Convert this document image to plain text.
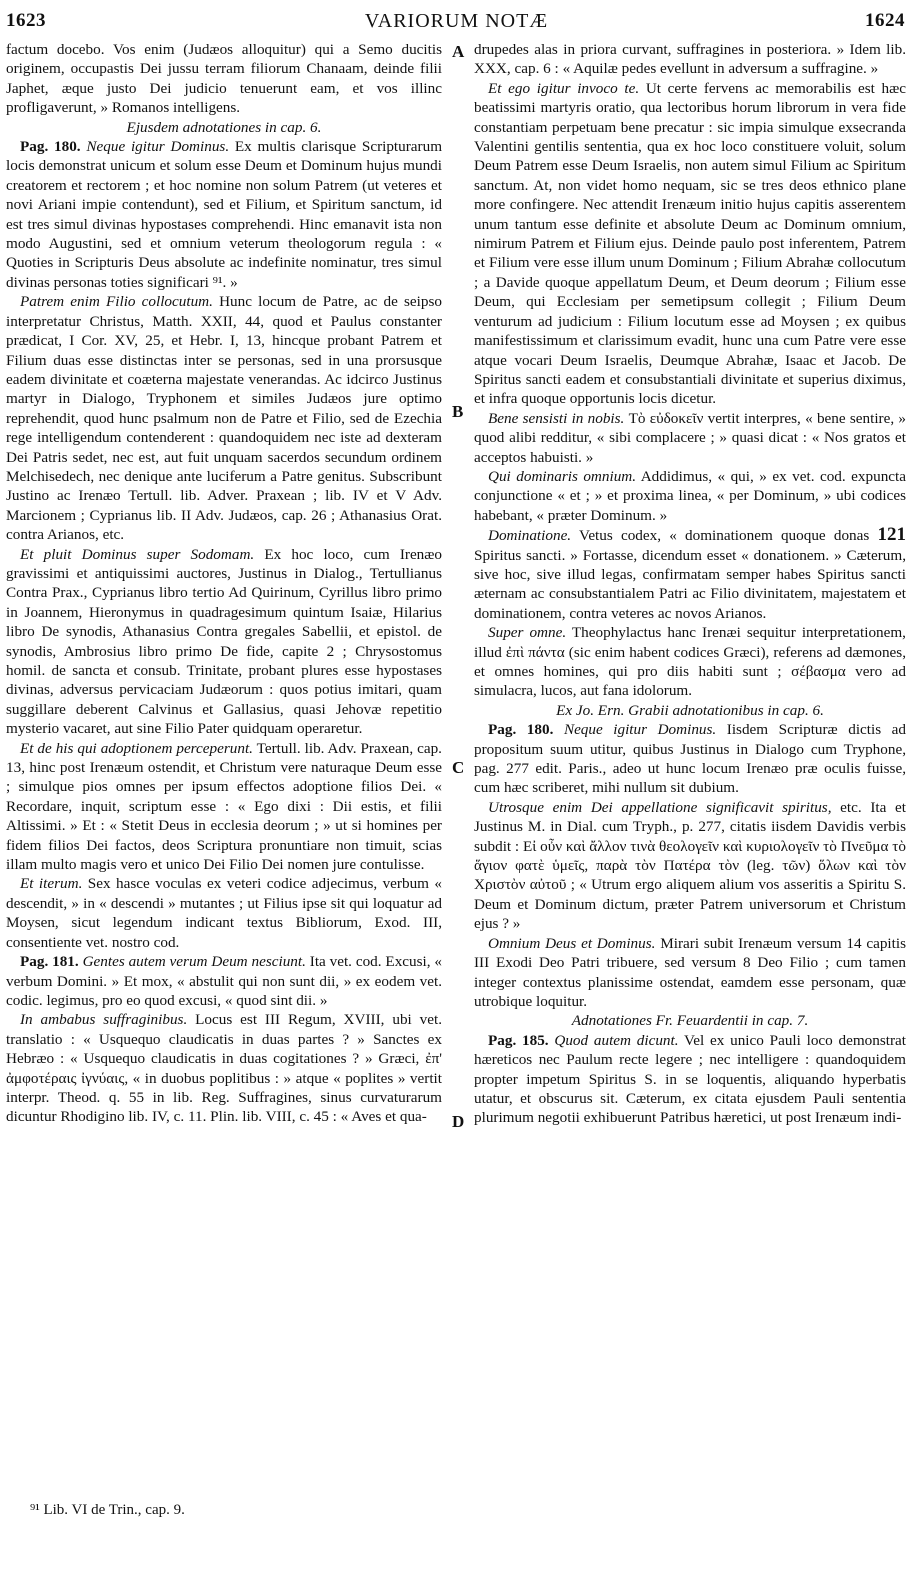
1623	VARIORUM NOTÆ	1624
A
B
C
D

factum docebo. Vos enim (Judæos alloquitur) qui a Semo ducitis originem, occupastis Dei jussu terram filiorum Chanaam, deinde filii Japhet, æque justo Dei judicio tenuerunt eam, et vos illinc profligaverunt, » Romanos intelligens.

Ejusdem adnotationes in cap. 6.

Pag. 180. Neque igitur Dominus. Ex multis clarisque Scripturarum locis demonstrat unicum et solum esse Deum et Dominum hujus mundi creatorem et rectorem ; et hoc nomine non solum Patrem (ut veteres et novi Ariani impie contendunt), sed et Filium, et Spiritum sanctum, id est tres simul divinas hypostases comprehendi. Hinc emanavit ista non modo Augustini, sed et omnium veterum theologorum regula : « Quoties in Scripturis Deus absolute ac indefinite nominatur, tres simul divinas personas toties significari ⁹¹. »

Patrem enim Filio collocutum. Hunc locum de Patre, ac de seipso interpretatur Christus, Matth. XXII, 44, quod et Paulus constanter prædicat, I Cor. XV, 25, et Hebr. I, 13, hincque probant Patrem et Filium duas esse distinctas inter se personas, sed in una prorsusque eadem divinitate et coæterna majestate venerandas. Ac idcirco Justinus martyr in Dialogo, Tryphonem et similes Judæos jure optimo reprehendit, quod hunc psalmum non de Patre et Filio, sed de Ezechia rege intelligendum contenderent : quandoquidem nec iste ad dexteram Dei Patris sedet, nec est, aut fuit unquam sacerdos secundum ordinem Melchisedech, nec denique ante luciferum a Patre genitus. Subscribunt Justino ac Irenæo Tertull. lib. Adver. Praxean ; lib. IV et V Adv. Marcionem ; Cyprianus lib. II Adv. Judæos, cap. 26 ; Athanasius Orat. contra Arianos, etc.

Et pluit Dominus super Sodomam. Ex hoc loco, cum Irenæo gravissimi et antiquissimi auctores, Justinus in Dialog., Tertullianus Contra Prax., Cyprianus libro tertio Ad Quirinum, Cyrillus libro primo in Joannem, Hieronymus in quadragesimum quintum Isaiæ, Hilarius libro De synodis, Athanasius Contra gregales Sabellii, et epistol. de synodis, Ambrosius libro primo De fide, capite 2 ; Chrysostomus homil. de sancta et consub. Trinitate, probant plures esse hypostases divinas, adversus pervicaciam Judæorum : quos potius imitari, quam suggillare deberent Calvinus et Gallasius, quasi Jehovæ repetitio mysterio vacaret, aut sine Filio Pater quidquam operaretur.

Et de his qui adoptionem perceperunt. Tertull. lib. Adv. Praxean, cap. 13, hinc post Irenæum ostendit, et Christum vere naturaque Deum esse ; simulque pios omnes per ipsum effectos adoptione filios Dei. « Recordare, inquit, scriptum esse : « Ego dixi : Dii estis, et filii Altissimi. » Et : « Stetit Deus in ecclesia deorum ; » ut si homines per fidem filios Dei factos, deos Scriptura pronuntiare non timuit, scias illam multo magis vero et unico Dei Filio Dei nomen jure contulisse.

Et iterum. Sex hasce voculas ex veteri codice adjecimus, verbum « descendit, » in « descendi » mutantes ; ut Filius ipse sit qui loquatur ad Moysen, sicut legendum indicant textus Bibliorum, Exod. III, consentiente vet. nostro cod.

Pag. 181. Gentes autem verum Deum nesciunt. Ita vet. cod. Excusi, « verbum Domini. » Et mox, « abstulit qui non sunt dii, » ex eodem vet. codic. legimus, pro eo quod excusi, « quod sint dii. »

In ambabus suffraginibus. Locus est III Regum, XVIII, ubi vet. translatio : « Usquequo claudicatis in duas partes ? » Sanctes ex Hebræo : « Usquequo claudicatis in duas cogitationes ? » Græci, ἐπ' ἀμφοτέραις ἰγνύαις, « in duobus poplitibus : » atque « poplites » vertit interpr. Theod. q. 55 in lib. Reg. Suffragines, sinus curvaturarum dicuntur Rhodigino lib. IV, c. 11. Plin. lib. VIII, c. 45 : « Aves et qua-

drupedes alas in priora curvant, suffragines in posteriora. » Idem lib. XXX, cap. 6 : « Aquilæ pedes evellunt in adversum a suffragine. »

Et ego igitur invoco te. Ut certe fervens ac memorabilis est hæc beatissimi martyris oratio, qua lectoribus horum librorum in vera fide constantiam perpetuam bene precatur : sic impia simulque exsecranda Valentini gentilis sententia, qua ex hoc loco constituere voluit, solum Deum Patrem esse Deum Israelis, non autem simul Filium ac Spiritum sanctum. At, non videt homo nequam, sic se tres deos ethnico plane more confingere. Nec attendit Irenæum initio hujus capitis asserentem unum tantum esse definite et absolute Deum ac Dominum omnium, nimirum Patrem et Filium ejus. Deinde paulo post inferentem, Patrem et Filium vere esse illum unum Dominum ; Filium Abrahæ collocutum ; a Davide quoque appellatum Deum, et Deum deorum ; Filium esse Deum, qui Ecclesiam per semetipsum collegit ; Filium Deum venturum ad judicium : Filium locutum esse ad Moysen ; ex quibus manifestissimum et clarissimum evadit, hunc una cum Patre vere esse atque vocari Deum Israelis, Deumque Abrahæ, Isaac et Jacob. De Spiritus sancti eadem et consubstantiali divinitate et superius diximus, et infra quoque opportunis locis dicetur.

Bene sensisti in nobis. Τὸ εὐδοκεῖν vertit interpres, « bene sentire, » quod alibi redditur, « sibi complacere ; » quasi dicat : « Nos gratos et acceptos habuisti. »

Qui dominaris omnium. Addidimus, « qui, » ex vet. cod. expuncta conjunctione « et ; » et proxima linea, « per Dominum, » ubi codices habebant, « præter Dominum. »

Dominatione. Vetus codex, « dominationem quoque donas 121 Spiritus sancti. » Fortasse, dicendum esset « donationem. » Cæterum, sive hoc, sive illud legas, confirmatam semper habes Spiritus sancti æternam ac consubstantialem Patri ac Filio divinitatem, majestatem et dominationem, contra veteres ac novos Arianos.

Super omne. Theophylactus hanc Irenæi sequitur interpretationem, illud ἐπὶ πάντα (sic enim habent codices Græci), referens ad dæmones, et omnes homines, qui pro diis habiti sunt ; σέβασμα vero ad simulacra, lucos, aut fana idolorum.

Ex Jo. Ern. Grabii adnotationibus in cap. 6.

Pag. 180. Neque igitur Dominus. Iisdem Scripturæ dictis ad propositum suum utitur, quibus Justinus in Dialogo cum Tryphone, pag. 277 edit. Paris., adeo ut hunc locum Irenæo præ oculis fuisse, cum hæc scriberet, mihi nullum sit dubium.

Utrosque enim Dei appellatione significavit spiritus, etc. Ita et Justinus M. in Dial. cum Tryph., p. 277, citatis iisdem Davidis verbis subdit : Εἰ οὖν καὶ ἄλλον τινὰ θεολογεῖν καὶ κυριολογεῖν τὸ Πνεῦμα τὸ ἅγιον φατὲ ὑμεῖς, παρὰ τὸν Πατέρα τὸν (leg. τῶν) ὅλων καὶ τὸν Χριστὸν αὐτοῦ ; « Utrum ergo aliquem alium vos asseritis a Spiritu S. Deum et Dominum dictum, præter Patrem universorum et Christum ejus ? »

Omnium Deus et Dominus. Mirari subit Irenæum versum 14 capitis III Exodi Deo Patri tribuere, sed versum 8 Deo Filio ; cum tamen integer contextus planissime ostendat, eamdem esse personam, quæ utrobique loquitur.

Adnotationes Fr. Feuardentii in cap. 7.

Pag. 185. Quod autem dicunt. Vel ex unico Pauli loco demonstrat hæreticos nec Paulum recte legere ; nec intelligere : quandoquidem propter impetum Spiritus S. in se loquentis, aliquando hyperbatis utatur, et obscurus sit. Cæterum, ex citata ejusdem Pauli sententia plurimum negotii exhibuerunt Patribus hæretici, ut post Irenæum indi-

⁹¹ Lib. VI de Trin., cap. 9.
